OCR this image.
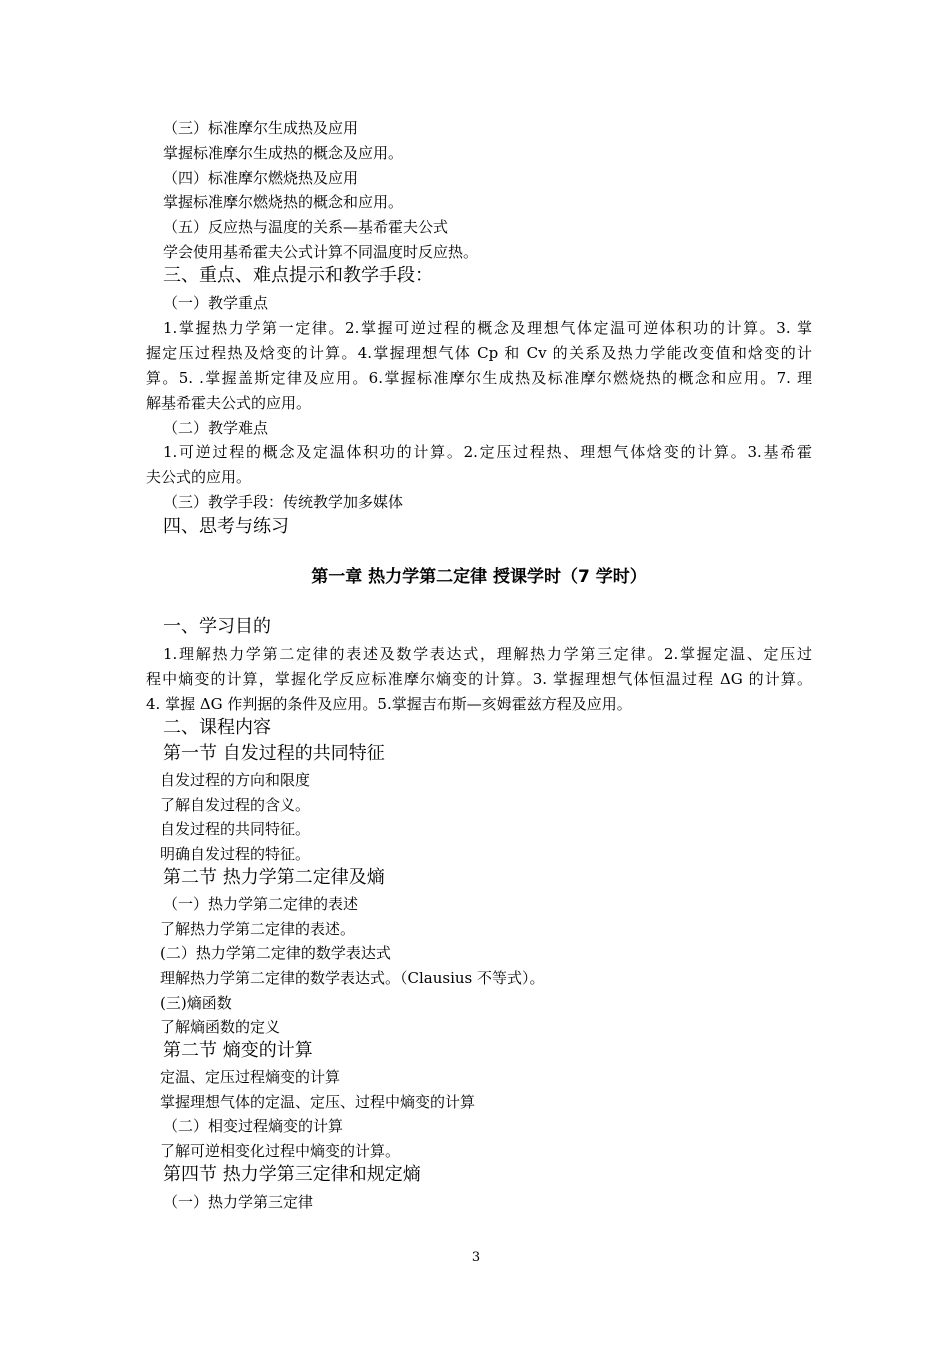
（三）标准摩尔生成热及应用
掌握标准摩尔生成热的概念及应用。
（四）标准摩尔燃烧热及应用
掌握标准摩尔燃烧热的概念和应用。
（五）反应热与温度的关系—基希霍夫公式
学会使用基希霍夫公式计算不同温度时反应热。
三、重点、难点提示和教学手段：
（一）教学重点
1.掌握热力学第一定律。2.掌握可逆过程的概念及理想气体定温可逆体积功的计算。3. 掌
握定压过程热及焓变的计算。4.掌握理想气体 Cp 和 Cv 的关系及热力学能改变值和焓变的计
算。5. .掌握盖斯定律及应用。6.掌握标准摩尔生成热及标准摩尔燃烧热的概念和应用。7. 理
解基希霍夫公式的应用。
（二）教学难点
1.可逆过程的概念及定温体积功的计算。2.定压过程热、理想气体焓变的计算。3.基希霍
夫公式的应用。
（三）教学手段：传统教学加多媒体
四、思考与练习
第一章 热力学第二定律 授课学时（7 学时）
一、学习目的
1.理解热力学第二定律的表述及数学表达式，理解热力学第三定律。2.掌握定温、定压过
程中熵变的计算，掌握化学反应标准摩尔熵变的计算。3. 掌握理想气体恒温过程 ΔG 的计算。
4. 掌握 ΔG 作判据的条件及应用。5.掌握吉布斯—亥姆霍兹方程及应用。
二、课程内容
第一节 自发过程的共同特征
自发过程的方向和限度
了解自发过程的含义。
自发过程的共同特征。
明确自发过程的特征。
第二节 热力学第二定律及熵
（一）热力学第二定律的表述
了解热力学第二定律的表述。
(二）热力学第二定律的数学表达式
理解热力学第二定律的数学表达式。（Clausius 不等式）。
(三)熵函数
了解熵函数的定义
第二节 熵变的计算
定温、定压过程熵变的计算
掌握理想气体的定温、定压、过程中熵变的计算
（二）相变过程熵变的计算
了解可逆相变化过程中熵变的计算。
第四节 热力学第三定律和规定熵
（一）热力学第三定律
3
